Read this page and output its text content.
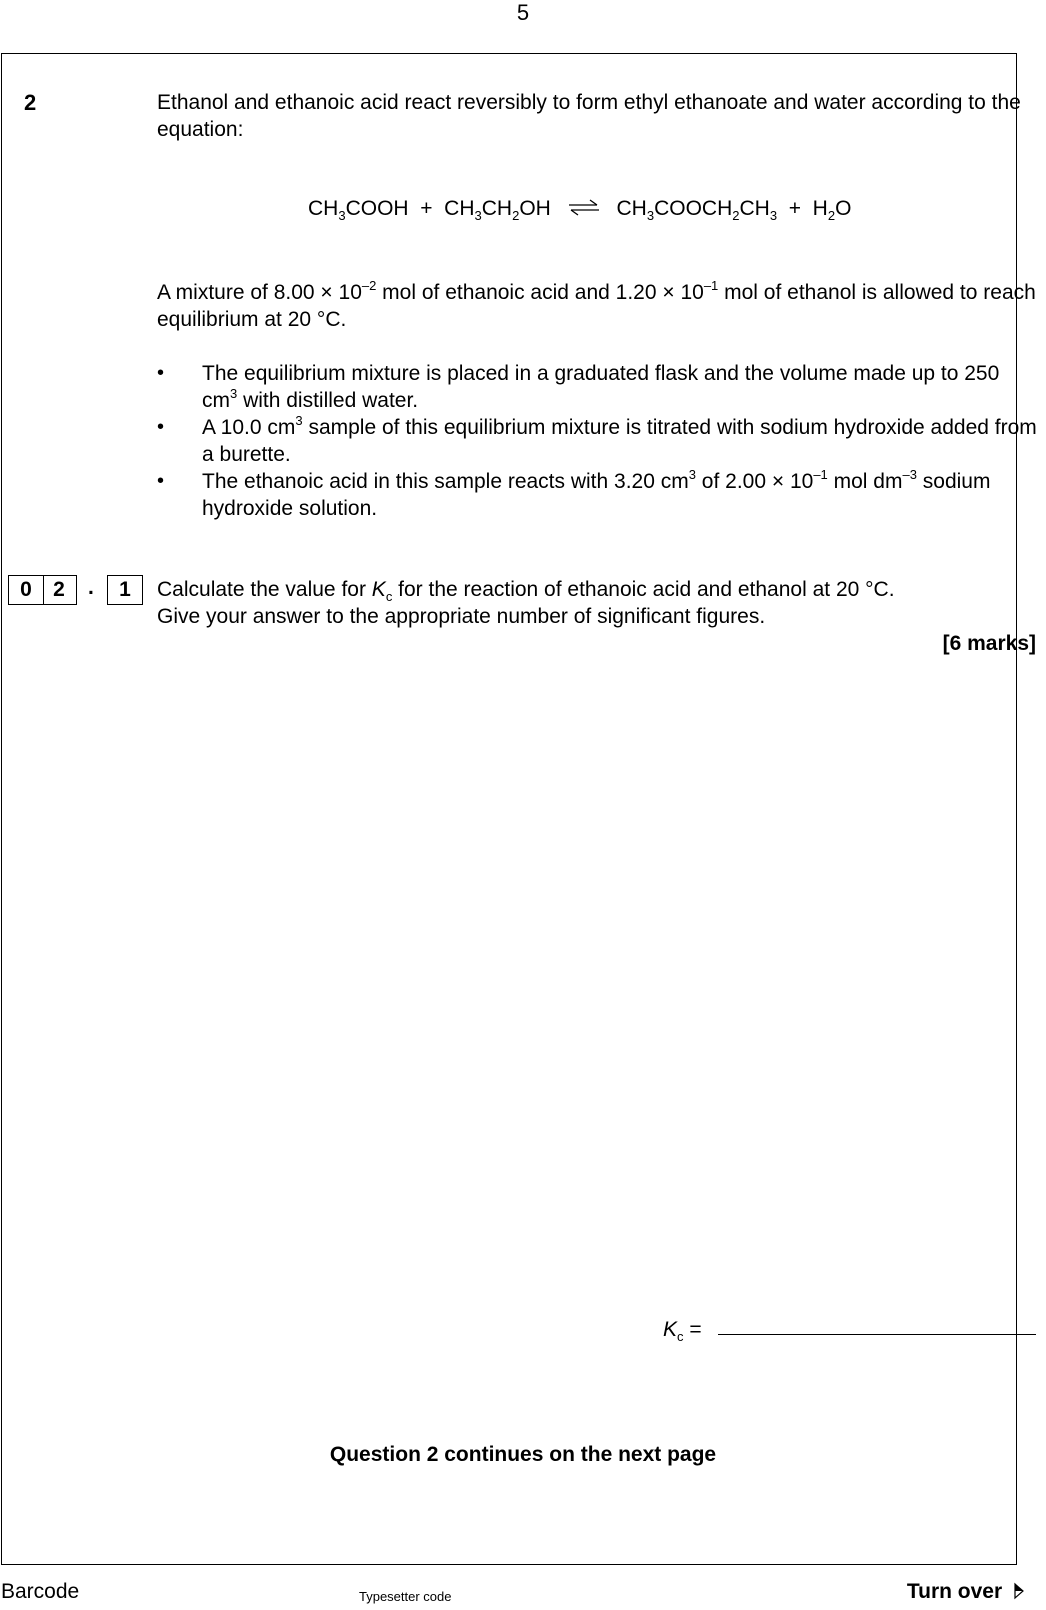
5
2	Ethanol and ethanoic acid react reversibly to form ethyl ethanoate and water according to the equation:
$CH_3COOH + CH_3CH_2OH$ ⇌ $CH_3COOCH_2CH_3 + H_2O$
A mixture of $8.00 \times 10^{-2}$ mol of ethanoic acid and $1.20 \times 10^{-1}$ mol of ethanol is allowed to reach equilibrium at 20 °C.
• The equilibrium mixture is placed in a graduated flask and the volume made up to 250 $cm^3$ with distilled water.
• A 10.0 $cm^3$ sample of this equilibrium mixture is titrated with sodium hydroxide added from a burette.
• The ethanoic acid in this sample reacts with 3.20 $cm^3$ of $2.00 \times 10^{-1}$ mol $dm^{-3}$ sodium hydroxide solution.
0	2	.	1	Calculate the value for $K_c$ for the reaction of ethanoic acid and ethanol at 20 °C.
Give your answer to the appropriate number of significant figures.
[6 marks]
$K_c$ =
Question 2 continues on the next page
Barcode	Typesetter code	Turn over
